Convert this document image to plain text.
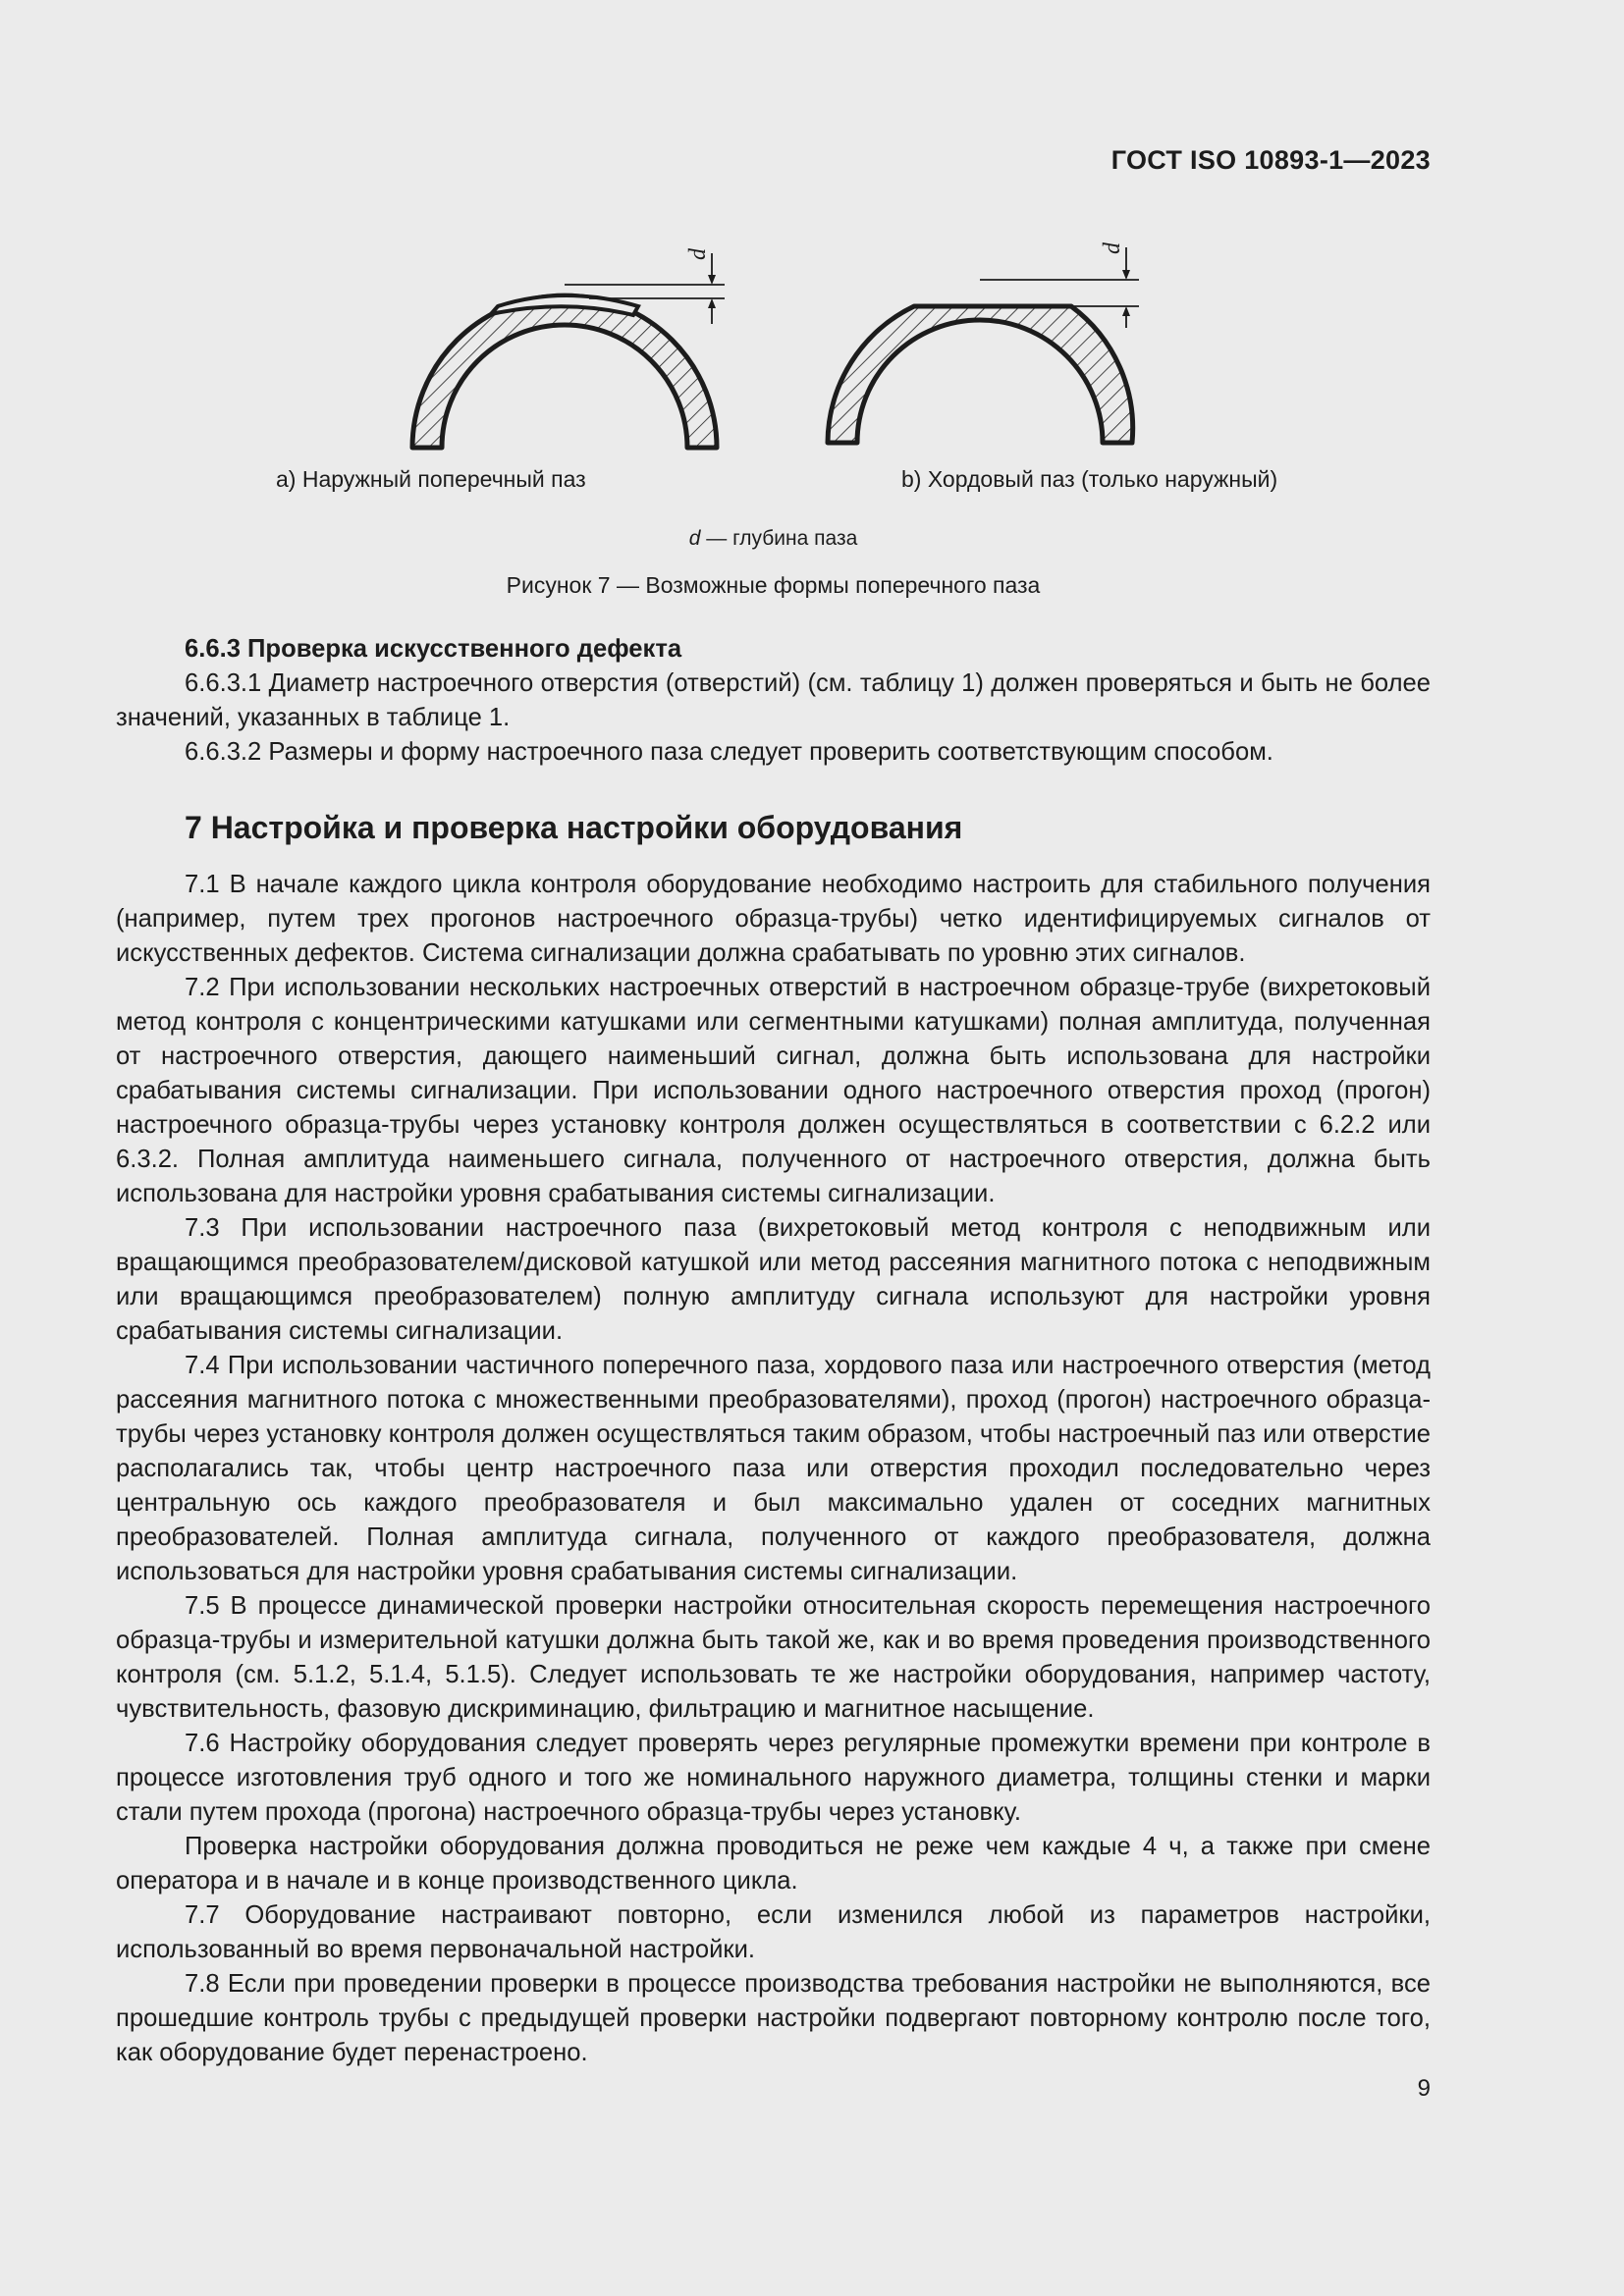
ГОСТ ISO 10893-1—2023
d	d
а) Наружный поперечный паз	b) Хордовый паз (только наружный)
d — глубина паза
Рисунок 7 — Возможные формы поперечного паза

6.6.3 Проверка искусственного дефекта

6.6.3.1 Диаметр настроечного отверстия (отверстий) (см. таблицу 1) должен проверяться и быть не более значений, указанных в таблице 1.

6.6.3.2 Размеры и форму настроечного паза следует проверить соответствующим способом.

7 Настройка и проверка настройки оборудования

7.1 В начале каждого цикла контроля оборудование необходимо настроить для стабильного получения (например, путем трех прогонов настроечного образца-трубы) четко идентифицируемых сигналов от искусственных дефектов. Система сигнализации должна срабатывать по уровню этих сигналов.

7.2 При использовании нескольких настроечных отверстий в настроечном образце-трубе (вихретоковый метод контроля с концентрическими катушками или сегментными катушками) полная амплитуда, полученная от настроечного отверстия, дающего наименьший сигнал, должна быть использована для настройки срабатывания системы сигнализации. При использовании одного настроечного отверстия проход (прогон) настроечного образца-трубы через установку контроля должен осуществляться в соответствии с 6.2.2 или 6.3.2. Полная амплитуда наименьшего сигнала, полученного от настроечного отверстия, должна быть использована для настройки уровня срабатывания системы сигнализации.

7.3 При использовании настроечного паза (вихретоковый метод контроля с неподвижным или вращающимся преобразователем/дисковой катушкой или метод рассеяния магнитного потока с неподвижным или вращающимся преобразователем) полную амплитуду сигнала используют для настройки уровня срабатывания системы сигнализации.

7.4 При использовании частичного поперечного паза, хордового паза или настроечного отверстия (метод рассеяния магнитного потока с множественными преобразователями), проход (прогон) настроечного образца-трубы через установку контроля должен осуществляться таким образом, чтобы настроечный паз или отверстие располагались так, чтобы центр настроечного паза или отверстия проходил последовательно через центральную ось каждого преобразователя и был максимально удален от соседних магнитных преобразователей. Полная амплитуда сигнала, полученного от каждого преобразователя, должна использоваться для настройки уровня срабатывания системы сигнализации.

7.5 В процессе динамической проверки настройки относительная скорость перемещения настроечного образца-трубы и измерительной катушки должна быть такой же, как и во время проведения производственного контроля (см. 5.1.2, 5.1.4, 5.1.5). Следует использовать те же настройки оборудования, например частоту, чувствительность, фазовую дискриминацию, фильтрацию и магнитное насыщение.

7.6 Настройку оборудования следует проверять через регулярные промежутки времени при контроле в процессе изготовления труб одного и того же номинального наружного диаметра, толщины стенки и марки стали путем прохода (прогона) настроечного образца-трубы через установку.

Проверка настройки оборудования должна проводиться не реже чем каждые 4 ч, а также при смене оператора и в начале и в конце производственного цикла.

7.7 Оборудование настраивают повторно, если изменился любой из параметров настройки, использованный во время первоначальной настройки.

7.8 Если при проведении проверки в процессе производства требования настройки не выполняются, все прошедшие контроль трубы с предыдущей проверки настройки подвергают повторному контролю после того, как оборудование будет перенастроено.

9
